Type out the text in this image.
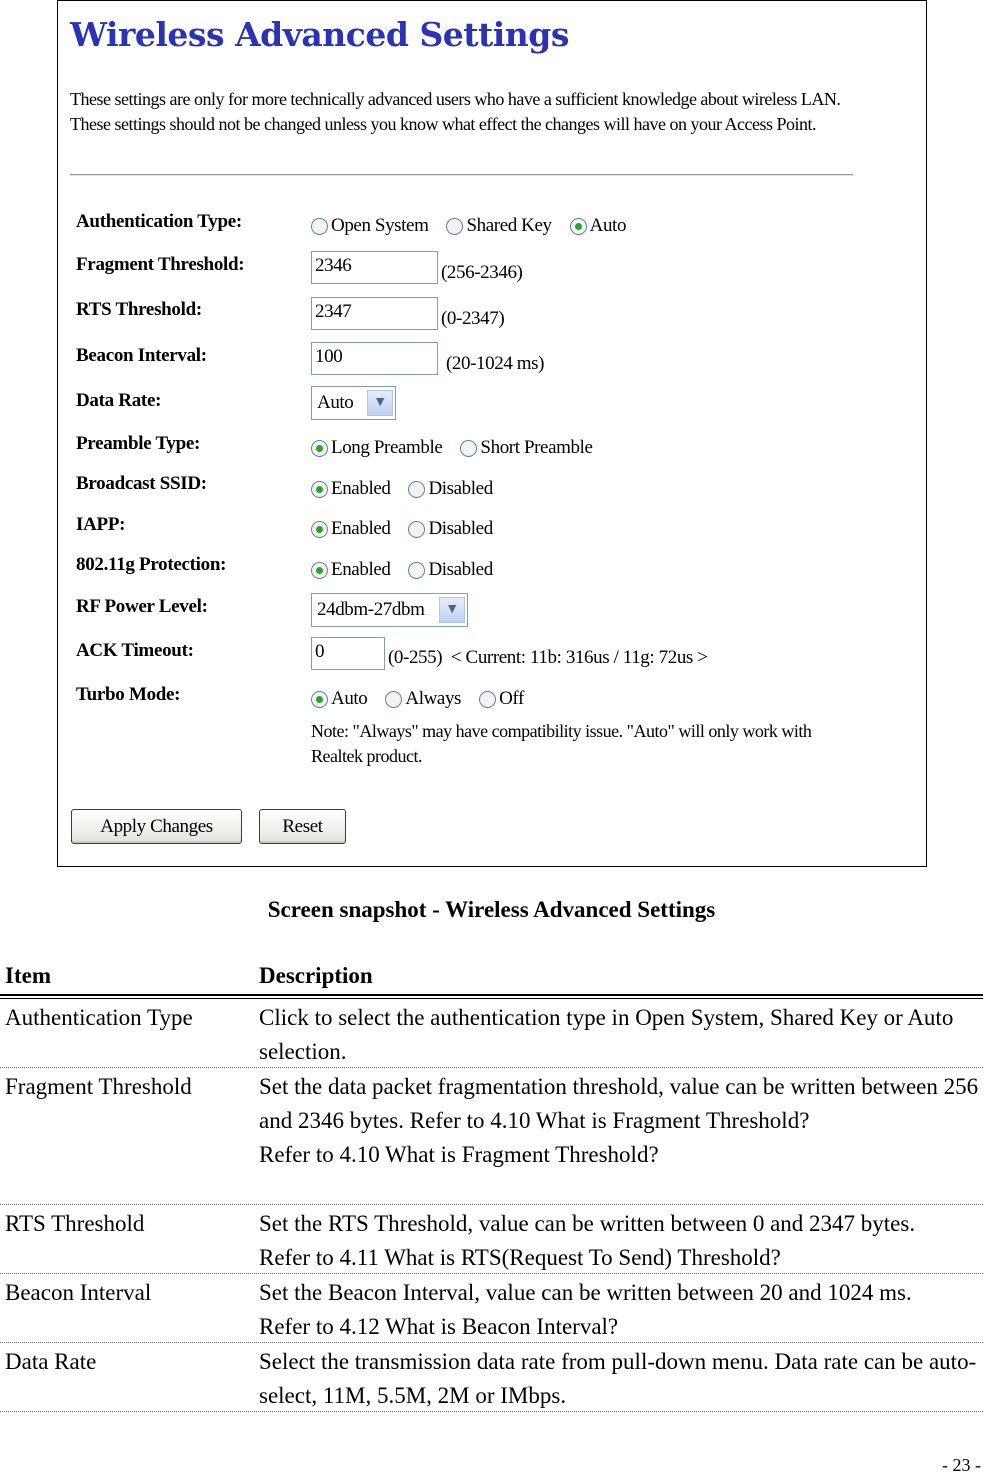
Wireless Advanced Settings
These settings are only for more technically advanced users who have a sufficient knowledge about wireless LAN. These settings should not be changed unless you know what effect the changes will have on your Access Point.
Authentication Type:	Open System Shared Key Auto
Fragment Threshold:	2346	(256-2346)
RTS Threshold:	2347	(0-2347)
Beacon Interval:	100	(20-1024 ms)
Data Rate:	Auto	▼
Preamble Type:	Long Preamble Short Preamble
Broadcast SSID:	Enabled Disabled
IAPP:	Enabled Disabled
802.11g Protection:	Enabled Disabled
RF Power Level:	24dbm-27dbm	▼
ACK Timeout:	0	(0-255)  < Current: 11b: 316us / 11g: 72us >
Turbo Mode:	Auto Always Off
Note: "Always" may have compatibility issue. "Auto" will only work with Realtek product.
Apply Changes	Reset
Screen snapshot - Wireless Advanced Settings
Item	Description
Authentication Type	Click to select the authentication type in Open System, Shared Key or Auto selection.
Fragment Threshold	Set the data packet fragmentation threshold, value can be written between 256 and 2346 bytes. Refer to 4.10 What is Fragment Threshold?
Refer to 4.10 What is Fragment Threshold?
RTS Threshold	Set the RTS Threshold, value can be written between 0 and 2347 bytes.
Refer to 4.11 What is RTS(Request To Send) Threshold?
Beacon Interval	Set the Beacon Interval, value can be written between 20 and 1024 ms.
Refer to 4.12 What is Beacon Interval?
Data Rate	Select the transmission data rate from pull-down menu. Data rate can be auto-select, 11M, 5.5M, 2M or IMbps.
- 23 -
